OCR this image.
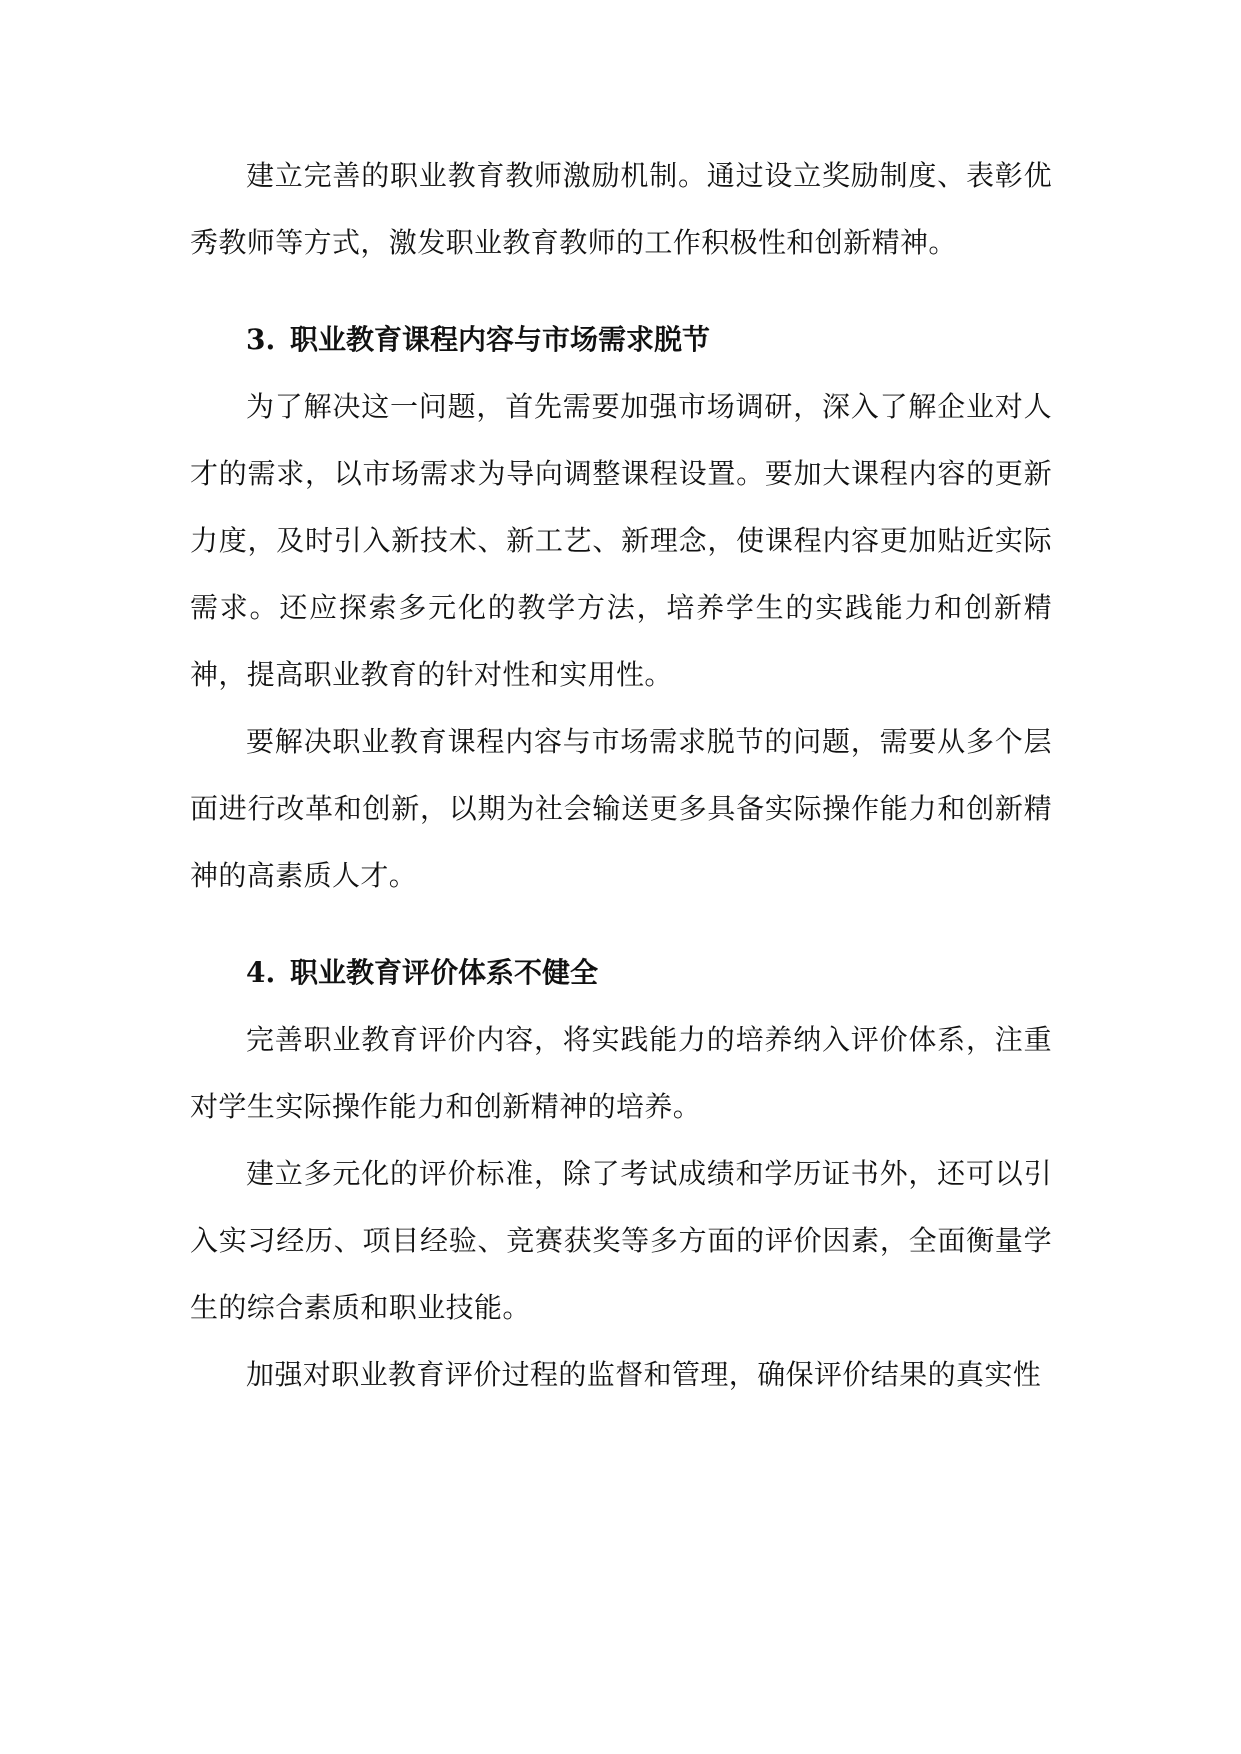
建立完善的职业教育教师激励机制。通过设立奖励制度、表彰优秀教师等方式，激发职业教育教师的工作积极性和创新精神。

3. 职业教育课程内容与市场需求脱节

为了解决这一问题，首先需要加强市场调研，深入了解企业对人才的需求，以市场需求为导向调整课程设置。要加大课程内容的更新力度，及时引入新技术、新工艺、新理念，使课程内容更加贴近实际需求。还应探索多元化的教学方法，培养学生的实践能力和创新精神，提高职业教育的针对性和实用性。

要解决职业教育课程内容与市场需求脱节的问题，需要从多个层面进行改革和创新，以期为社会输送更多具备实际操作能力和创新精神的高素质人才。

4. 职业教育评价体系不健全

完善职业教育评价内容，将实践能力的培养纳入评价体系，注重对学生实际操作能力和创新精神的培养。

建立多元化的评价标准，除了考试成绩和学历证书外，还可以引入实习经历、项目经验、竞赛获奖等多方面的评价因素，全面衡量学生的综合素质和职业技能。

加强对职业教育评价过程的监督和管理，确保评价结果的真实性
